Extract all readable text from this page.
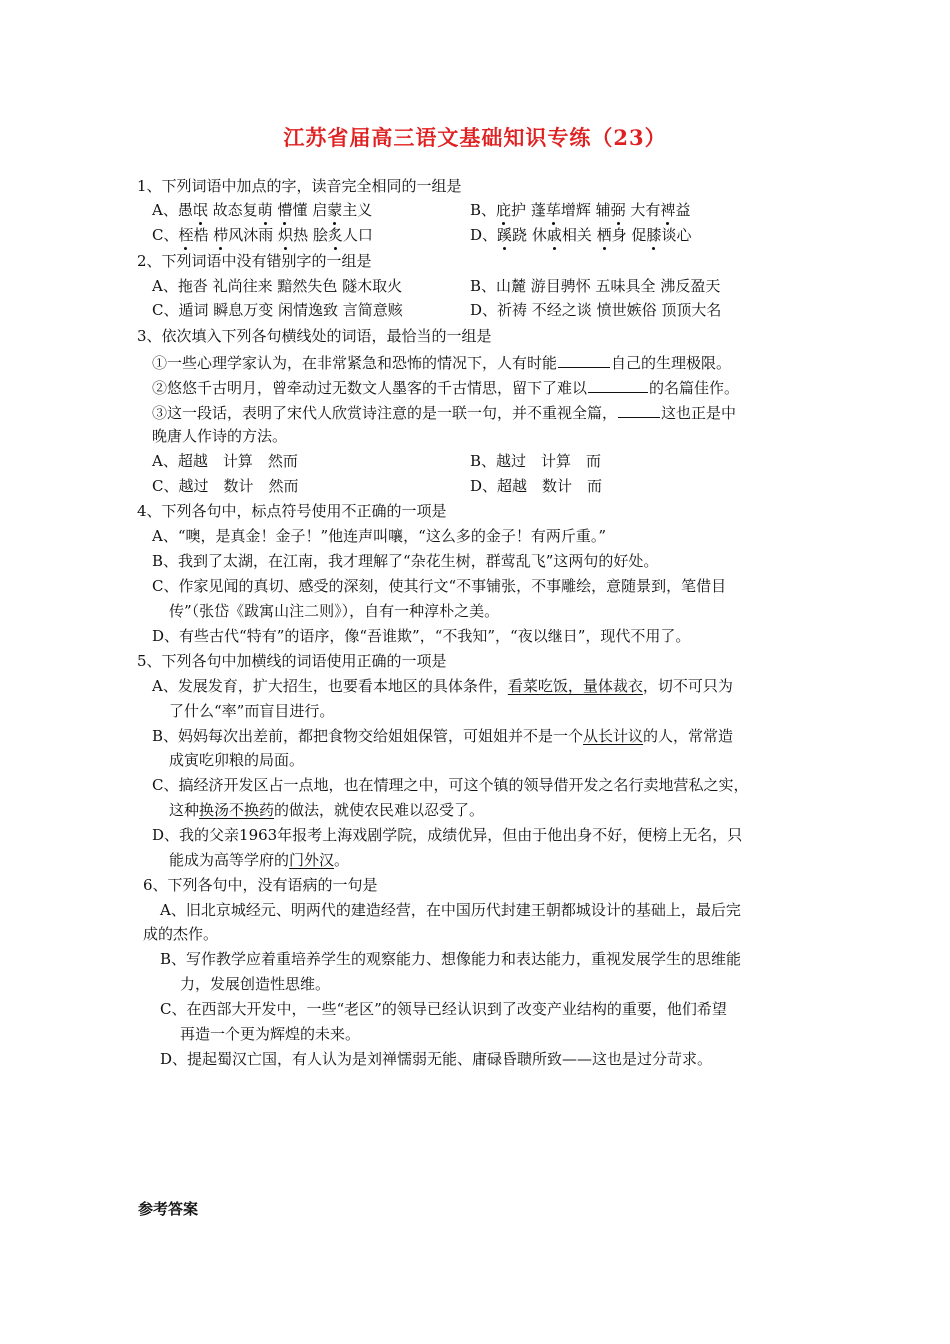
江苏省届高三语文基础知识专练（23）
1、下列词语中加点的字，读音完全相同的一组是
A、愚氓 故态复萌 懵懂 启蒙主义	B、庇护 蓬荜增辉 辅弼 大有裨益
C、桎梏 栉风沐雨 炽热 脍炙人口	D、蹊跷 休戚相关 栖身 促膝谈心
2、下列词语中没有错别字的一组是
A、拖沓 礼尚往来 黯然失色 隧木取火	B、山麓 游目骋怀 五味具全 沸反盈天
C、遁词 瞬息万变 闲情逸致 言简意赅	D、祈祷 不经之谈 愤世嫉俗 顶顶大名
3、依次填入下列各句横线处的词语，最恰当的一组是
①一些心理学家认为，在非常紧急和恐怖的情况下，人有时能	自己的生理极限。
②悠悠千古明月，曾牵动过无数文人墨客的千古情思，留下了难以	的名篇佳作。
③这一段话，表明了宋代人欣赏诗注意的是一联一句，并不重视全篇，	这也正是中
晚唐人作诗的方法。
A、超越　计算　然而	B、越过　计算　而
C、越过　数计　然而	D、超越　数计　而
4、下列各句中，标点符号使用不正确的一项是
A、“噢，是真金！金子！”他连声叫嚷，“这么多的金子！有两斤重。”
B、我到了太湖，在江南，我才理解了“杂花生树，群莺乱飞”这两句的好处。
C、作家见闻的真切、感受的深刻，使其行文“不事铺张，不事雕绘，意随景到，笔借目
传”（张岱《跋寓山注二则》），自有一种淳朴之美。
D、有些古代“特有”的语序，像“吾谁欺”，“不我知”，“夜以继日”，现代不用了。
5、下列各句中加横线的词语使用正确的一项是
A、发展发育，扩大招生，也要看本地区的具体条件，看菜吃饭，量体裁衣，切不可只为
了什么“率”而盲目进行。
B、妈妈每次出差前，都把食物交给姐姐保管，可姐姐并不是一个从长计议的人，常常造
成寅吃卯粮的局面。
C、搞经济开发区占一点地，也在情理之中，可这个镇的领导借开发之名行卖地营私之实，
这种换汤不换药的做法，就使农民难以忍受了。
D、我的父亲1963年报考上海戏剧学院，成绩优异，但由于他出身不好，便榜上无名，只
能成为高等学府的门外汉。
6、下列各句中，没有语病的一句是
A、旧北京城经元、明两代的建造经营，在中国历代封建王朝都城设计的基础上，最后完
成的杰作。
B、写作教学应着重培养学生的观察能力、想像能力和表达能力，重视发展学生的思维能
力，发展创造性思维。
C、在西部大开发中，一些“老区”的领导已经认识到了改变产业结构的重要，他们希望
再造一个更为辉煌的未来。
D、提起蜀汉亡国，有人认为是刘禅懦弱无能、庸碌昏聩所致——这也是过分苛求。
参考答案
